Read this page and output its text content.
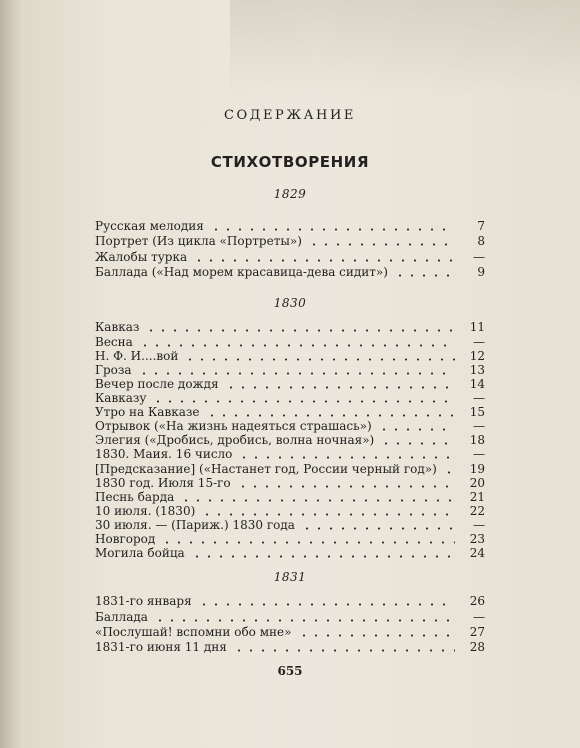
СОДЕРЖАНИЕ
СТИХОТВОРЕНИЯ
1829
Русская мелодия	7
Портрет (Из цикла «Портреты»)	8
Жалобы турка	—
Баллада («Над морем красавица-дева сидит»)	9
1830
Кавказ	11
Весна	—
Н. Ф. И....вой	12
Гроза	13
Вечер после дождя	14
Кавказу	—
Утро на Кавказе	15
Отрывок («На жизнь надеяться страшась»)	—
Элегия («Дробись, дробись, волна ночная»)	18
1830. Маия. 16 число	—
[Предсказание] («Настанет год, России черный год»)	19
1830 год. Июля 15-го	20
Песнь барда	21
10 июля. (1830)	22
30 июля. — (Париж.) 1830 года	—
Новгород	23
Могила бойца	24
1831
1831-го января	26
Баллада	—
«Послушай! вспомни обо мне»	27
1831-го июня 11 дня	28
655
